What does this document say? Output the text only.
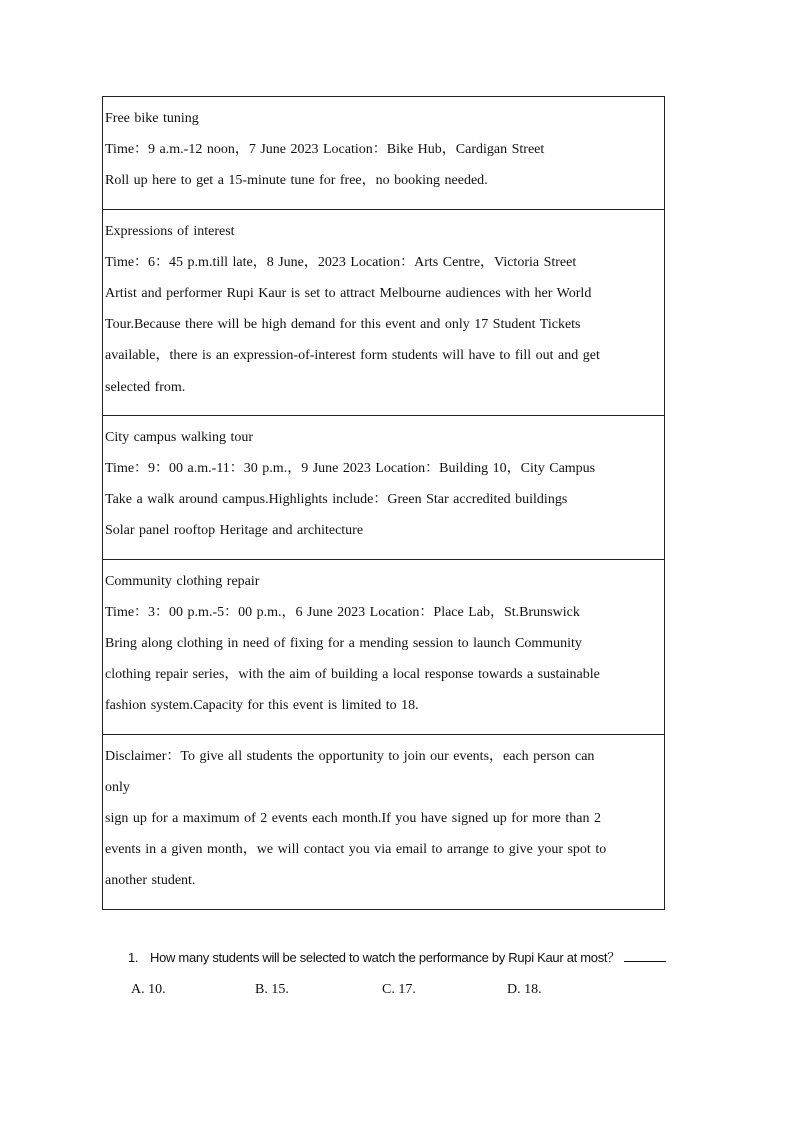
Free bike tuning
Time：9 a.m.-12 noon，7 June 2023 Location：Bike Hub，Cardigan Street
Roll up here to get a 15-minute tune for free，no booking needed.
Expressions of interest
Time：6：45 p.m.till late，8 June，2023 Location：Arts Centre，Victoria Street
Artist and performer Rupi Kaur is set to attract Melbourne audiences with her World
Tour.Because there will be high demand for this event and only 17 Student Tickets
available，there is an expression-of-interest form students will have to fill out and get
selected from.
City campus walking tour
Time：9：00 a.m.-11：30 p.m.，9 June 2023 Location：Building 10，City Campus
Take a walk around campus.Highlights include：Green Star accredited buildings
Solar panel rooftop Heritage and architecture
Community clothing repair
Time：3：00 p.m.-5：00 p.m.，6 June 2023 Location：Place Lab，St.Brunswick
Bring along clothing in need of fixing for a mending session to launch Community
clothing repair series，with the aim of building a local response towards a sustainable
fashion system.Capacity for this event is limited to 18.
Disclaimer：To give all students the opportunity to join our events，each person can
only
sign up for a maximum of 2 events each month.If you have signed up for more than 2
events in a given month，we will contact you via email to arrange to give your spot to
another student.
1. How many students will be selected to watch the performance by Rupi Kaur at most？
A. 10.	B. 15.	C. 17.	D. 18.
